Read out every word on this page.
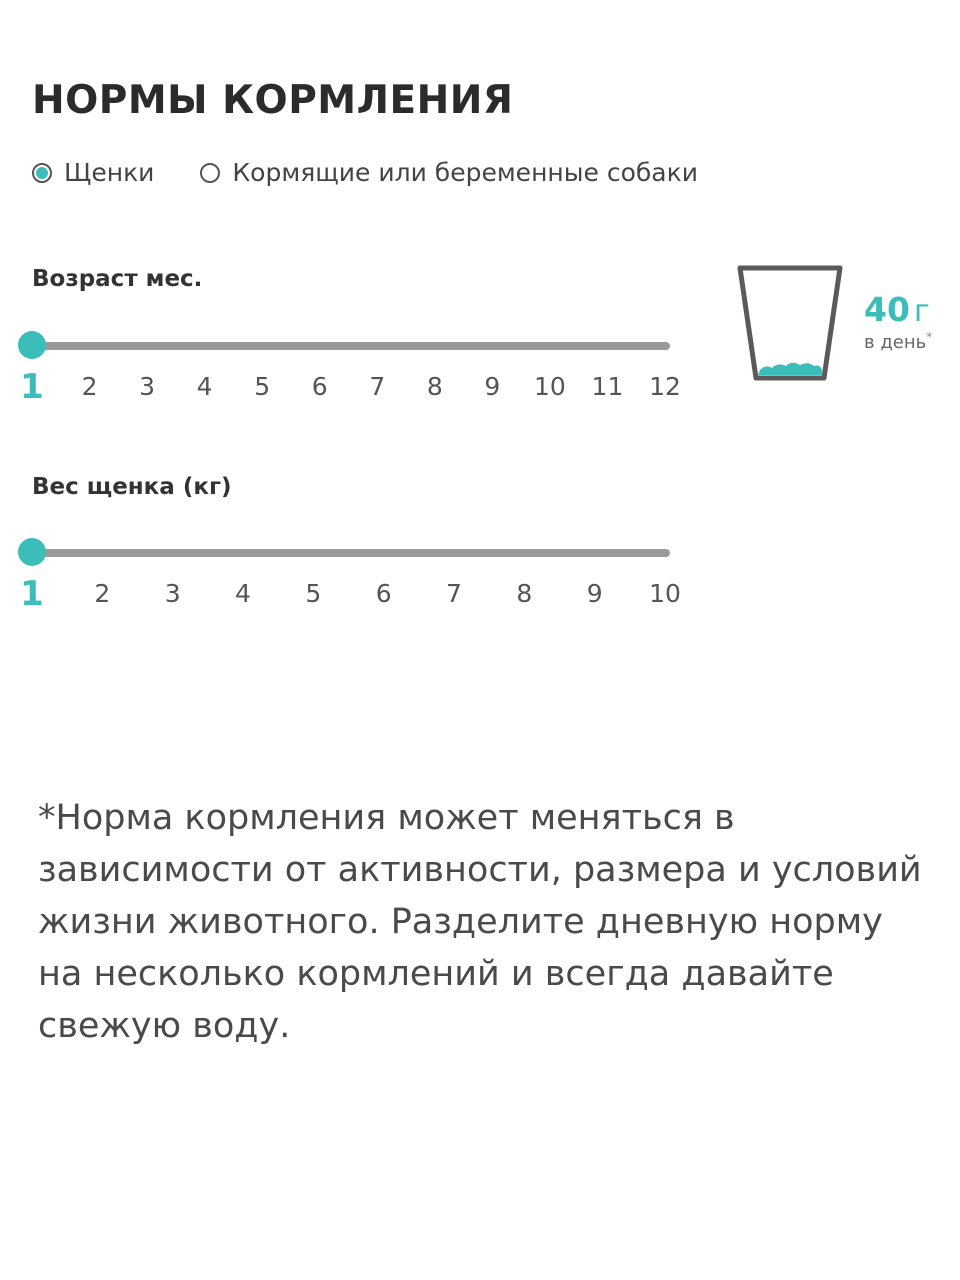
НОРМЫ КОРМЛЕНИЯ
Щенки	Кормящие или беременные собаки
Возраст мес.
1 2 3 4 5 6 7 8 9 10 11 12
40 г
в день*
Вес щенка (кг)
1 2 3 4 5 6 7 8 9 10

*Норма кормления может меняться в зависимости от активности, размера и условий жизни животного. Разделите дневную норму на несколько кормлений и всегда давайте свежую воду.
